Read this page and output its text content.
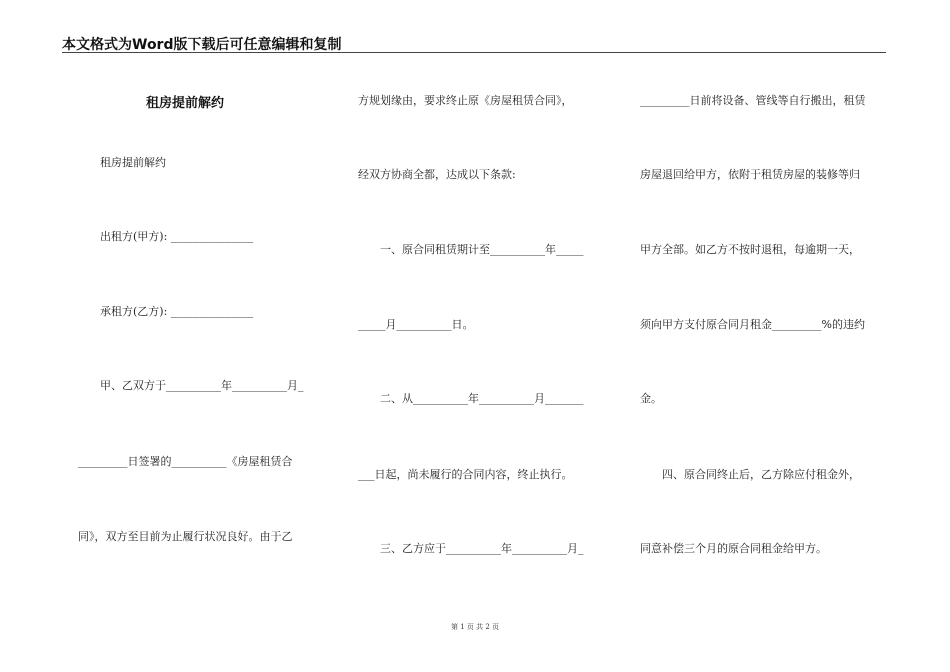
本文格式为Word版下载后可任意编辑和复制
租房提前解约
租房提前解约
出租方(甲方): _______________
承租方(乙方): _______________
甲、乙双方于__________年__________月_
_________日签署的__________《房屋租赁合
同》，双方至目前为止履行状况良好。由于乙
方规划缘由，要求终止原《房屋租赁合同》，
经双方协商全都，达成以下条款:
一、原合同租赁期计至__________年_____
_____月__________日。
二、从__________年__________月_______
___日起，尚未履行的合同内容，终止执行。
三、乙方应于__________年__________月_
_________日前将设备、管线等自行搬出，租赁
房屋退回给甲方，依附于租赁房屋的装修等归
甲方全部。如乙方不按时退租，每逾期一天，
须向甲方支付原合同月租金_________%的违约
金。
四、原合同终止后，乙方除应付租金外，
同意补偿三个月的原合同租金给甲方。
第 1 页 共 2 页
